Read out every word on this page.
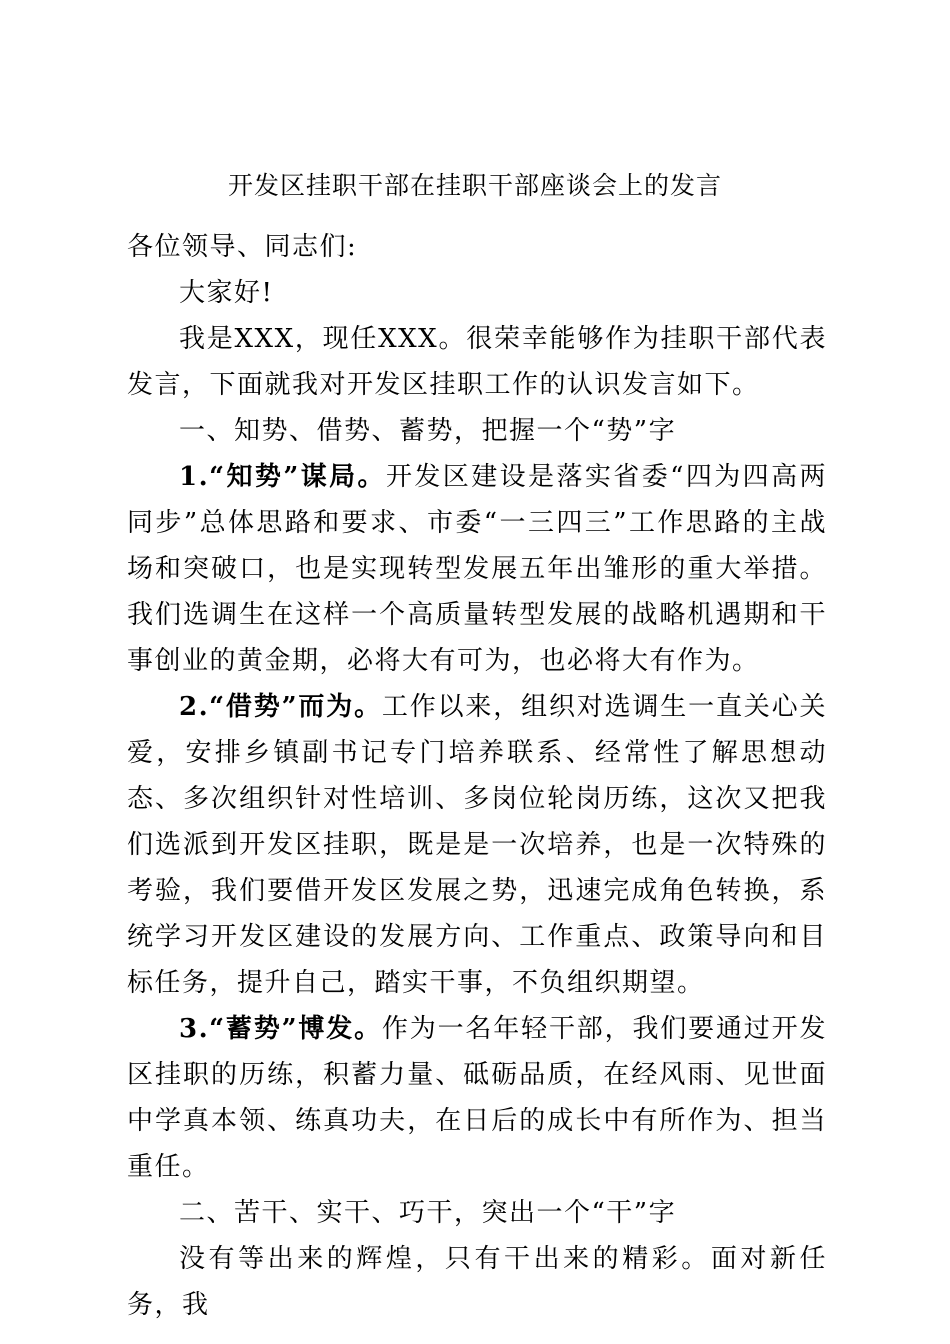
开发区挂职干部在挂职干部座谈会上的发言

各位领导、同志们:

大家好!

我是XXX，现任XXX。很荣幸能够作为挂职干部代表发言，下面就我对开发区挂职工作的认识发言如下。

一、知势、借势、蓄势，把握一个“势”字

1.“知势”谋局。开发区建设是落实省委“四为四高两同步”总体思路和要求、市委“一三四三”工作思路的主战场和突破口，也是实现转型发展五年出雏形的重大举措。我们选调生在这样一个高质量转型发展的战略机遇期和干事创业的黄金期，必将大有可为，也必将大有作为。

2.“借势”而为。工作以来，组织对选调生一直关心关爱，安排乡镇副书记专门培养联系、经常性了解思想动态、多次组织针对性培训、多岗位轮岗历练，这次又把我们选派到开发区挂职，既是是一次培养，也是一次特殊的考验，我们要借开发区发展之势，迅速完成角色转换，系统学习开发区建设的发展方向、工作重点、政策导向和目标任务，提升自己，踏实干事，不负组织期望。

3.“蓄势”博发。作为一名年轻干部，我们要通过开发区挂职的历练，积蓄力量、砥砺品质，在经风雨、见世面中学真本领、练真功夫，在日后的成长中有所作为、担当重任。

二、苦干、实干、巧干，突出一个“干”字

没有等出来的辉煌，只有干出来的精彩。面对新任务，我
